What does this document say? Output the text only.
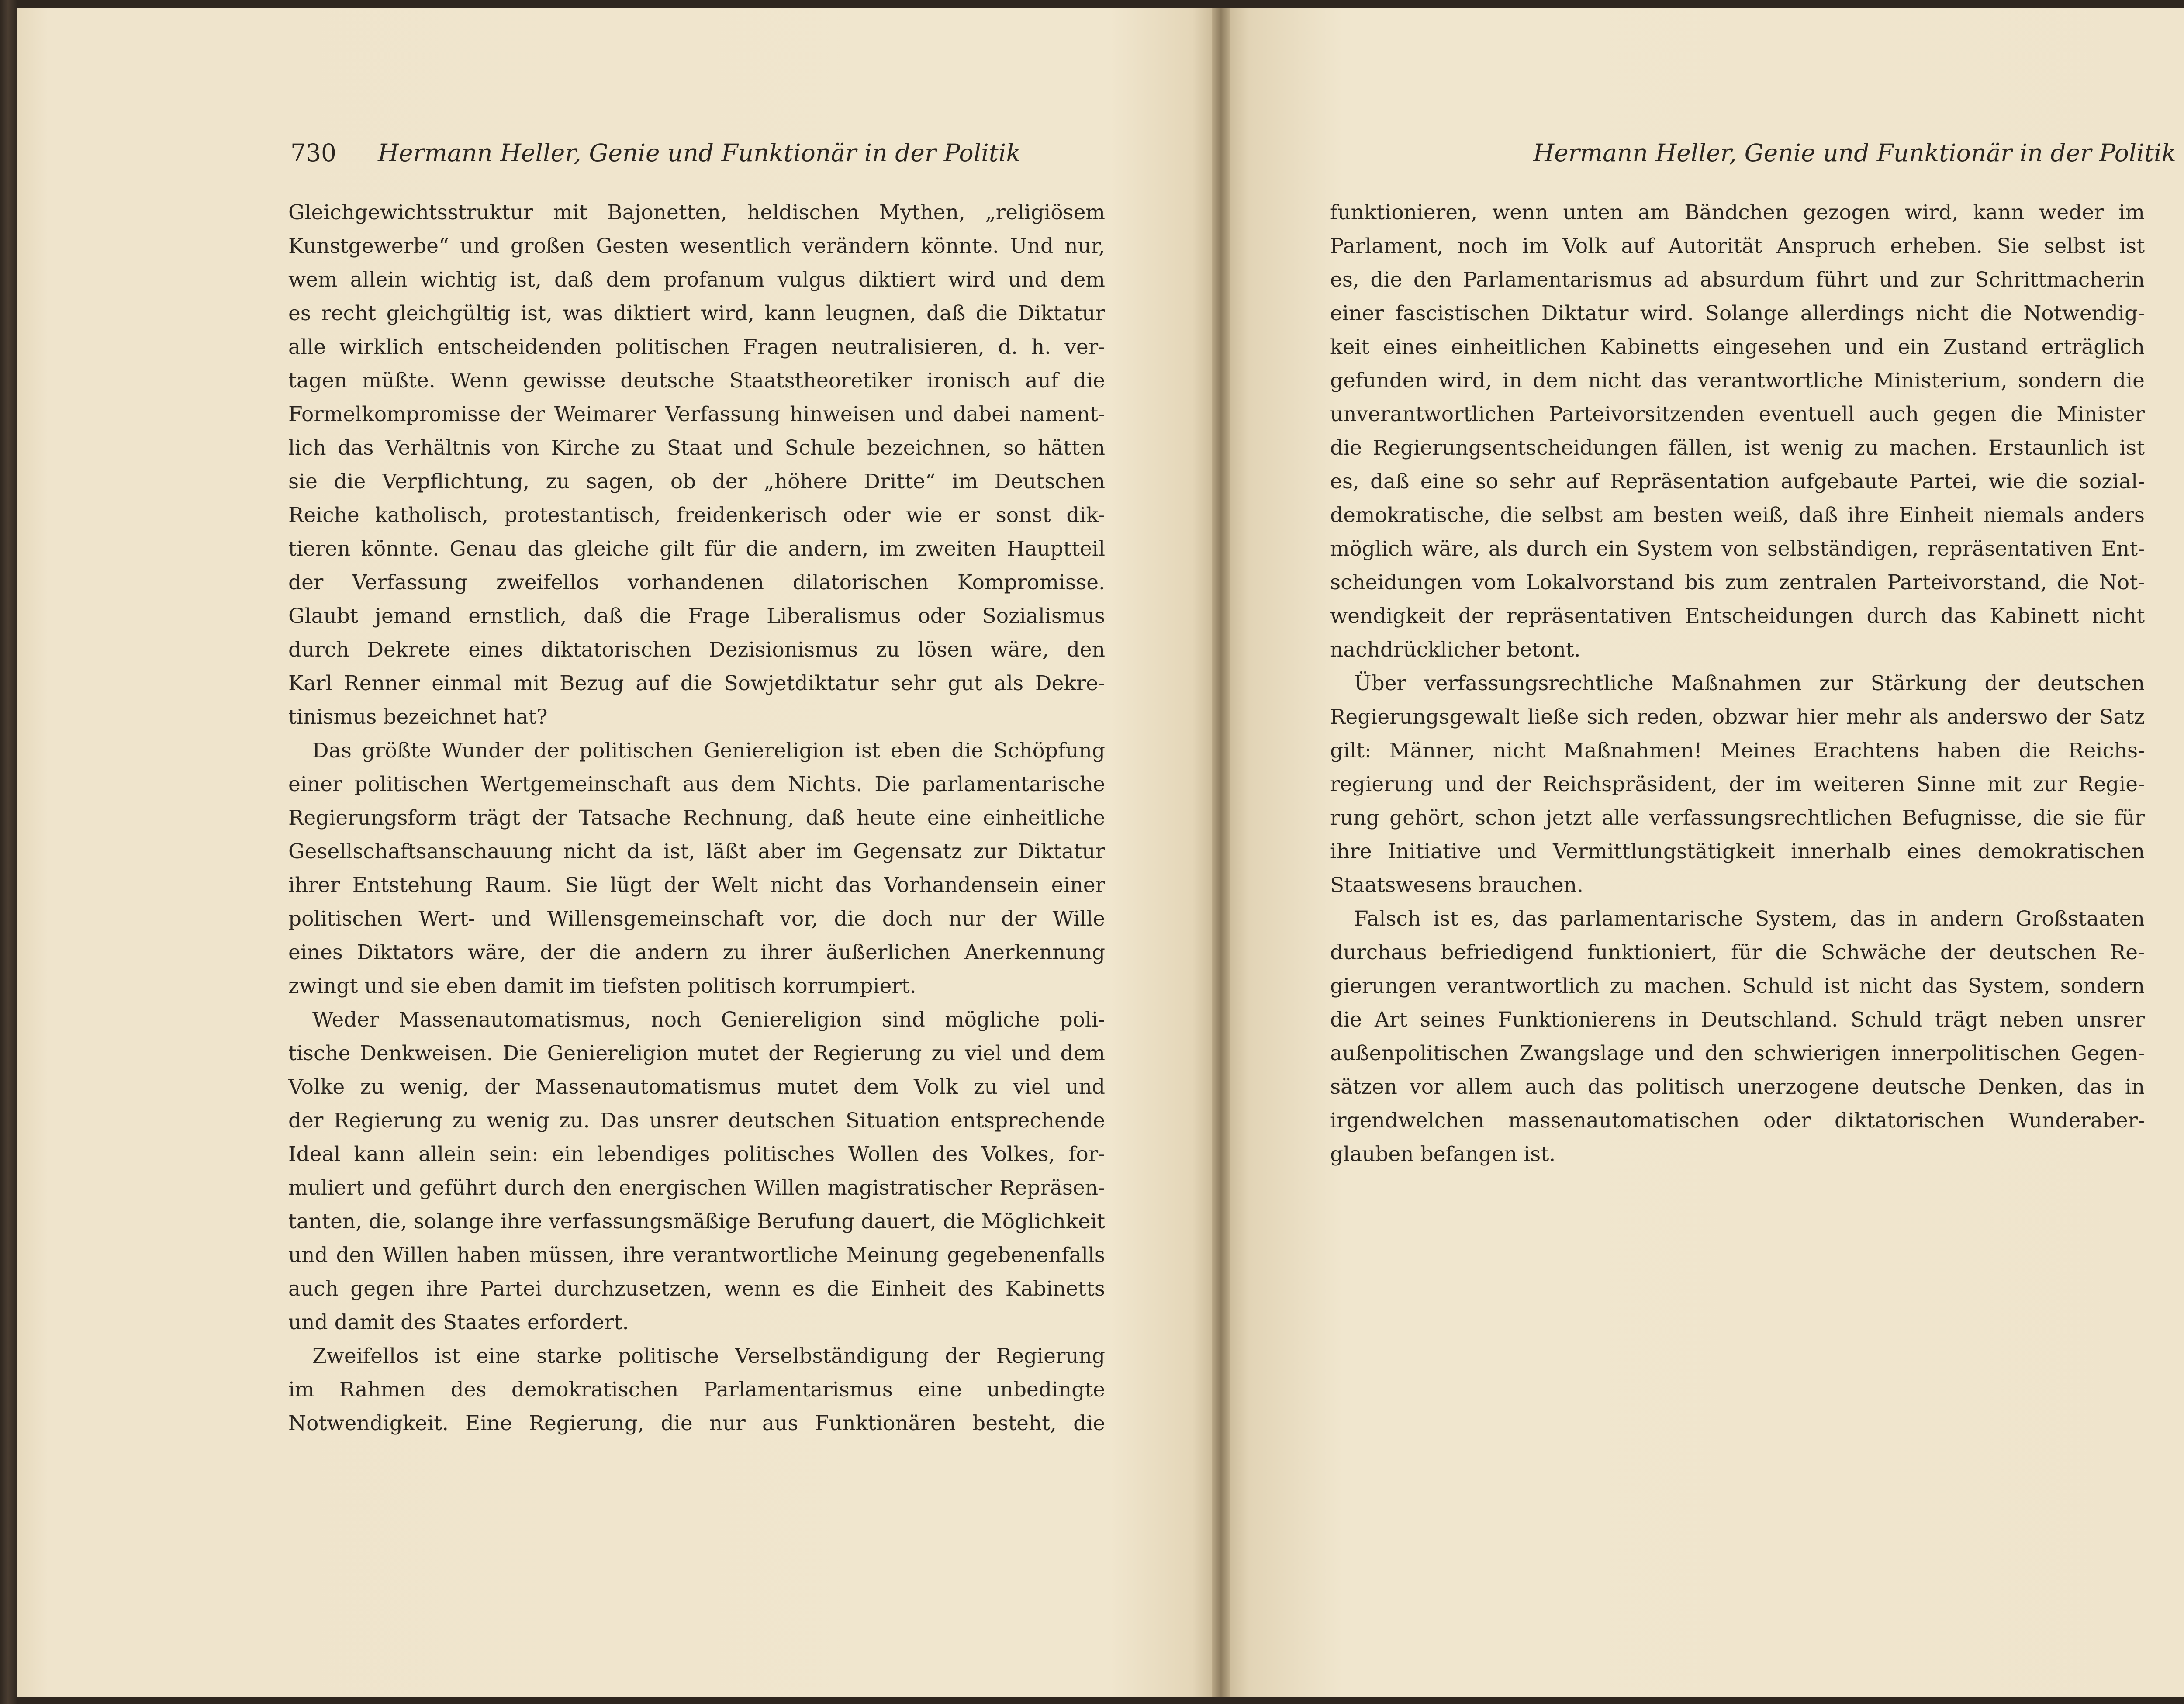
730 Hermann Heller, Genie und Funktionär in der Politik
Gleichgewichtsstruktur mit Bajonetten, heldischen Mythen, „religiösem
Kunstgewerbe“ und großen Gesten wesentlich verändern könnte. Und nur,
wem allein wichtig ist, daß dem profanum vulgus diktiert wird und dem
es recht gleichgültig ist, was diktiert wird, kann leugnen, daß die Diktatur
alle wirklich entscheidenden politischen Fragen neutralisieren, d. h. ver-
tagen müßte. Wenn gewisse deutsche Staatstheoretiker ironisch auf die
Formelkompromisse der Weimarer Verfassung hinweisen und dabei nament-
lich das Verhältnis von Kirche zu Staat und Schule bezeichnen, so hätten
sie die Verpflichtung, zu sagen, ob der „höhere Dritte“ im Deutschen
Reiche katholisch, protestantisch, freidenkerisch oder wie er sonst dik-
tieren könnte. Genau das gleiche gilt für die andern, im zweiten Hauptteil
der Verfassung zweifellos vorhandenen dilatorischen Kompromisse.
Glaubt jemand ernstlich, daß die Frage Liberalismus oder Sozialismus
durch Dekrete eines diktatorischen Dezisionismus zu lösen wäre, den
Karl Renner einmal mit Bezug auf die Sowjetdiktatur sehr gut als Dekre-
tinismus bezeichnet hat?
Das größte Wunder der politischen Geniereligion ist eben die Schöpfung
einer politischen Wertgemeinschaft aus dem Nichts. Die parlamentarische
Regierungsform trägt der Tatsache Rechnung, daß heute eine einheitliche
Gesellschaftsanschauung nicht da ist, läßt aber im Gegensatz zur Diktatur
ihrer Entstehung Raum. Sie lügt der Welt nicht das Vorhandensein einer
politischen Wert- und Willensgemeinschaft vor, die doch nur der Wille
eines Diktators wäre, der die andern zu ihrer äußerlichen Anerkennung
zwingt und sie eben damit im tiefsten politisch korrumpiert.
Weder Massenautomatismus, noch Geniereligion sind mögliche poli-
tische Denkweisen. Die Geniereligion mutet der Regierung zu viel und dem
Volke zu wenig, der Massenautomatismus mutet dem Volk zu viel und
der Regierung zu wenig zu. Das unsrer deutschen Situation entsprechende
Ideal kann allein sein: ein lebendiges politisches Wollen des Volkes, for-
muliert und geführt durch den energischen Willen magistratischer Repräsen-
tanten, die, solange ihre verfassungsmäßige Berufung dauert, die Möglichkeit
und den Willen haben müssen, ihre verantwortliche Meinung gegebenenfalls
auch gegen ihre Partei durchzusetzen, wenn es die Einheit des Kabinetts
und damit des Staates erfordert.
Zweifellos ist eine starke politische Verselbständigung der Regierung
im Rahmen des demokratischen Parlamentarismus eine unbedingte
Notwendigkeit. Eine Regierung, die nur aus Funktionären besteht, die
Hermann Heller, Genie und Funktionär in der Politik
funktionieren, wenn unten am Bändchen gezogen wird, kann weder im
Parlament, noch im Volk auf Autorität Anspruch erheben. Sie selbst ist
es, die den Parlamentarismus ad absurdum führt und zur Schrittmacherin
einer fascistischen Diktatur wird. Solange allerdings nicht die Notwendig-
keit eines einheitlichen Kabinetts eingesehen und ein Zustand erträglich
gefunden wird, in dem nicht das verantwortliche Ministerium, sondern die
unverantwortlichen Parteivorsitzenden eventuell auch gegen die Minister
die Regierungsentscheidungen fällen, ist wenig zu machen. Erstaunlich ist
es, daß eine so sehr auf Repräsentation aufgebaute Partei, wie die sozial-
demokratische, die selbst am besten weiß, daß ihre Einheit niemals anders
möglich wäre, als durch ein System von selbständigen, repräsentativen Ent-
scheidungen vom Lokalvorstand bis zum zentralen Parteivorstand, die Not-
wendigkeit der repräsentativen Entscheidungen durch das Kabinett nicht
nachdrücklicher betont.
Über verfassungsrechtliche Maßnahmen zur Stärkung der deutschen
Regierungsgewalt ließe sich reden, obzwar hier mehr als anderswo der Satz
gilt: Männer, nicht Maßnahmen! Meines Erachtens haben die Reichs-
regierung und der Reichspräsident, der im weiteren Sinne mit zur Regie-
rung gehört, schon jetzt alle verfassungsrechtlichen Befugnisse, die sie für
ihre Initiative und Vermittlungstätigkeit innerhalb eines demokratischen
Staatswesens brauchen.
Falsch ist es, das parlamentarische System, das in andern Großstaaten
durchaus befriedigend funktioniert, für die Schwäche der deutschen Re-
gierungen verantwortlich zu machen. Schuld ist nicht das System, sondern
die Art seines Funktionierens in Deutschland. Schuld trägt neben unsrer
außenpolitischen Zwangslage und den schwierigen innerpolitischen Gegen-
sätzen vor allem auch das politisch unerzogene deutsche Denken, das in
irgendwelchen massenautomatischen oder diktatorischen Wunderaber-
glauben befangen ist.
